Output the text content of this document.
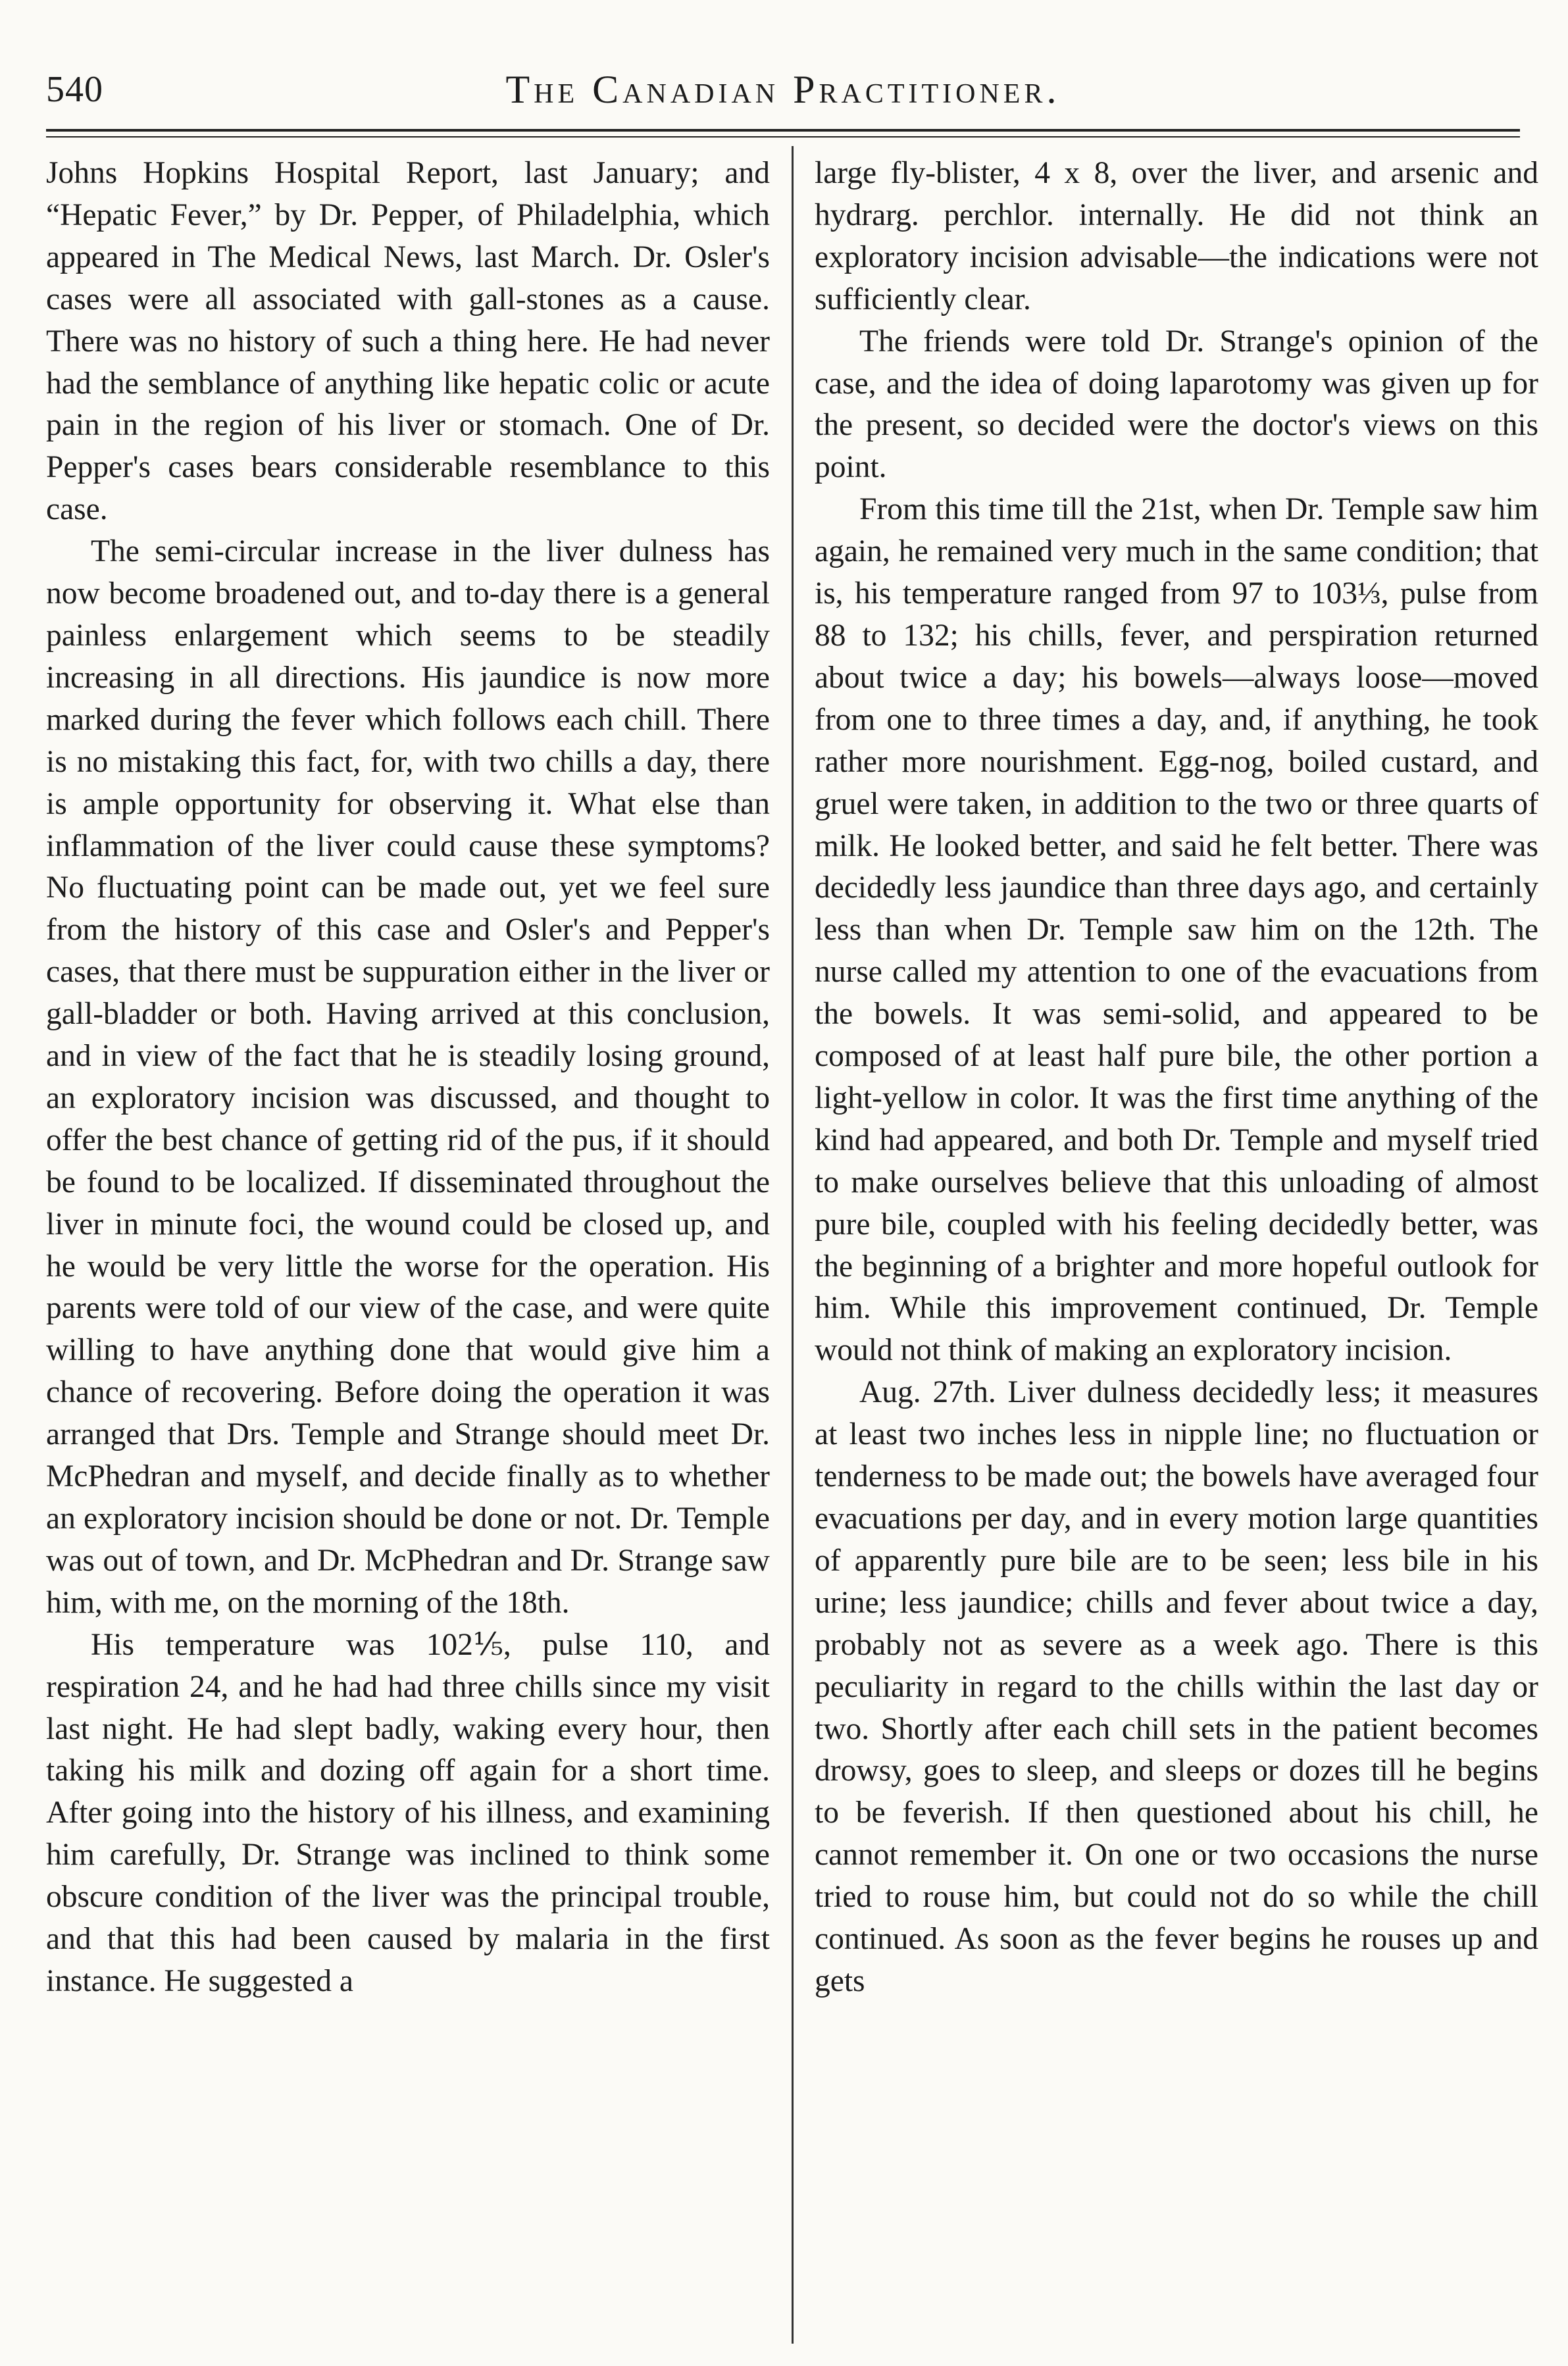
540	The Canadian Practitioner.

Johns Hopkins Hospital Report, last January; and “Hepatic Fever,” by Dr. Pepper, of Philadelphia, which appeared in The Medical News, last March. Dr. Osler's cases were all associated with gall-stones as a cause. There was no history of such a thing here. He had never had the semblance of anything like hepatic colic or acute pain in the region of his liver or stomach. One of Dr. Pepper's cases bears considerable resemblance to this case.

The semi-circular increase in the liver dulness has now become broadened out, and to-day there is a general painless enlargement which seems to be steadily increasing in all directions. His jaundice is now more marked during the fever which follows each chill. There is no mistaking this fact, for, with two chills a day, there is ample opportunity for observing it. What else than inflammation of the liver could cause these symptoms? No fluctuating point can be made out, yet we feel sure from the history of this case and Osler's and Pepper's cases, that there must be suppuration either in the liver or gall-bladder or both. Having arrived at this conclusion, and in view of the fact that he is steadily losing ground, an exploratory incision was discussed, and thought to offer the best chance of getting rid of the pus, if it should be found to be localized. If disseminated throughout the liver in minute foci, the wound could be closed up, and he would be very little the worse for the operation. His parents were told of our view of the case, and were quite willing to have anything done that would give him a chance of recovering. Before doing the operation it was arranged that Drs. Temple and Strange should meet Dr. McPhedran and myself, and decide finally as to whether an exploratory incision should be done or not. Dr. Temple was out of town, and Dr. McPhedran and Dr. Strange saw him, with me, on the morning of the 18th.

His temperature was 102⅕, pulse 110, and respiration 24, and he had had three chills since my visit last night. He had slept badly, waking every hour, then taking his milk and dozing off again for a short time. After going into the history of his illness, and examining him carefully, Dr. Strange was inclined to think some obscure condition of the liver was the principal trouble, and that this had been caused by malaria in the first instance. He suggested a

large fly-blister, 4 x 8, over the liver, and arsenic and hydrarg. perchlor. internally. He did not think an exploratory incision advisable—the indications were not sufficiently clear.

The friends were told Dr. Strange's opinion of the case, and the idea of doing laparotomy was given up for the present, so decided were the doctor's views on this point.

From this time till the 21st, when Dr. Temple saw him again, he remained very much in the same condition; that is, his temperature ranged from 97 to 103⅓, pulse from 88 to 132; his chills, fever, and perspiration returned about twice a day; his bowels—always loose—moved from one to three times a day, and, if anything, he took rather more nourishment. Egg-nog, boiled custard, and gruel were taken, in addition to the two or three quarts of milk. He looked better, and said he felt better. There was decidedly less jaundice than three days ago, and certainly less than when Dr. Temple saw him on the 12th. The nurse called my attention to one of the evacuations from the bowels. It was semi-solid, and appeared to be composed of at least half pure bile, the other portion a light-yellow in color. It was the first time anything of the kind had appeared, and both Dr. Temple and myself tried to make ourselves believe that this unloading of almost pure bile, coupled with his feeling decidedly better, was the beginning of a brighter and more hopeful outlook for him. While this improvement continued, Dr. Temple would not think of making an exploratory incision.

Aug. 27th. Liver dulness decidedly less; it measures at least two inches less in nipple line; no fluctuation or tenderness to be made out; the bowels have averaged four evacuations per day, and in every motion large quantities of apparently pure bile are to be seen; less bile in his urine; less jaundice; chills and fever about twice a day, probably not as severe as a week ago. There is this peculiarity in regard to the chills within the last day or two. Shortly after each chill sets in the patient becomes drowsy, goes to sleep, and sleeps or dozes till he begins to be feverish. If then questioned about his chill, he cannot remember it. On one or two occasions the nurse tried to rouse him, but could not do so while the chill continued. As soon as the fever begins he rouses up and gets
